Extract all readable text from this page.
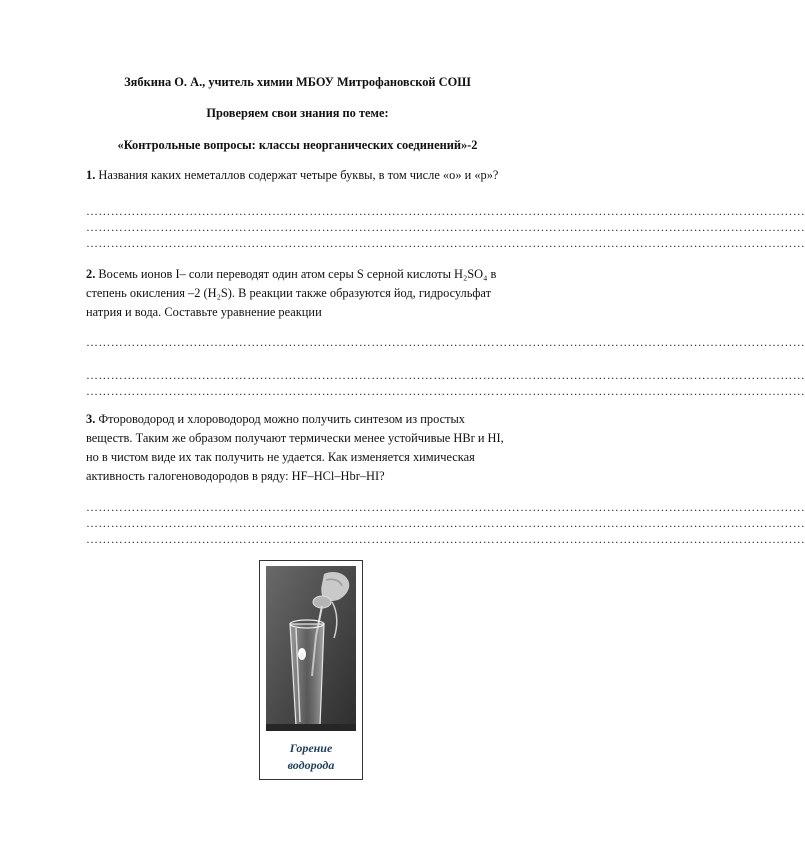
Зябкина О. А., учитель химии МБОУ Митрофановской СОШ
Проверяем свои знания по теме:
«Контрольные вопросы: классы неорганических соединений»-2
1. Названия каких неметаллов содержат четыре буквы, в том числе «о» и «р»?
…………………………………………………………………………………………………………………………………………………………
…………………………………………………………………………………………………………………………………………………………
…………………………………………………………………………………………………………………………………………………………
2. Восемь ионов I– соли переводят один атом серы S серной кислоты H₂SO₄ в
степень окисления –2 (H₂S). В реакции также образуются йод, гидросульфат
натрия и вода. Составьте уравнение реакции
…………………………………………………………………………………………………………………………………………………………
…………………………………………………………………………………………………………………………………………………………
…………………………………………………………………………………………………………………………………………………………
3. Фтороводород и хлороводород можно получить синтезом из простых
веществ. Таким же образом получают термически менее устойчивые HBr и HI,
но в чистом виде их так получить не удается. Как изменяется химическая
активность галогеноводородов в ряду: HF–HCl–Hbr–HI?
…………………………………………………………………………………………………………………………………………………………
…………………………………………………………………………………………………………………………………………………………
…………………………………………………………………………………………………………………………………………………………
Горение
водорода
